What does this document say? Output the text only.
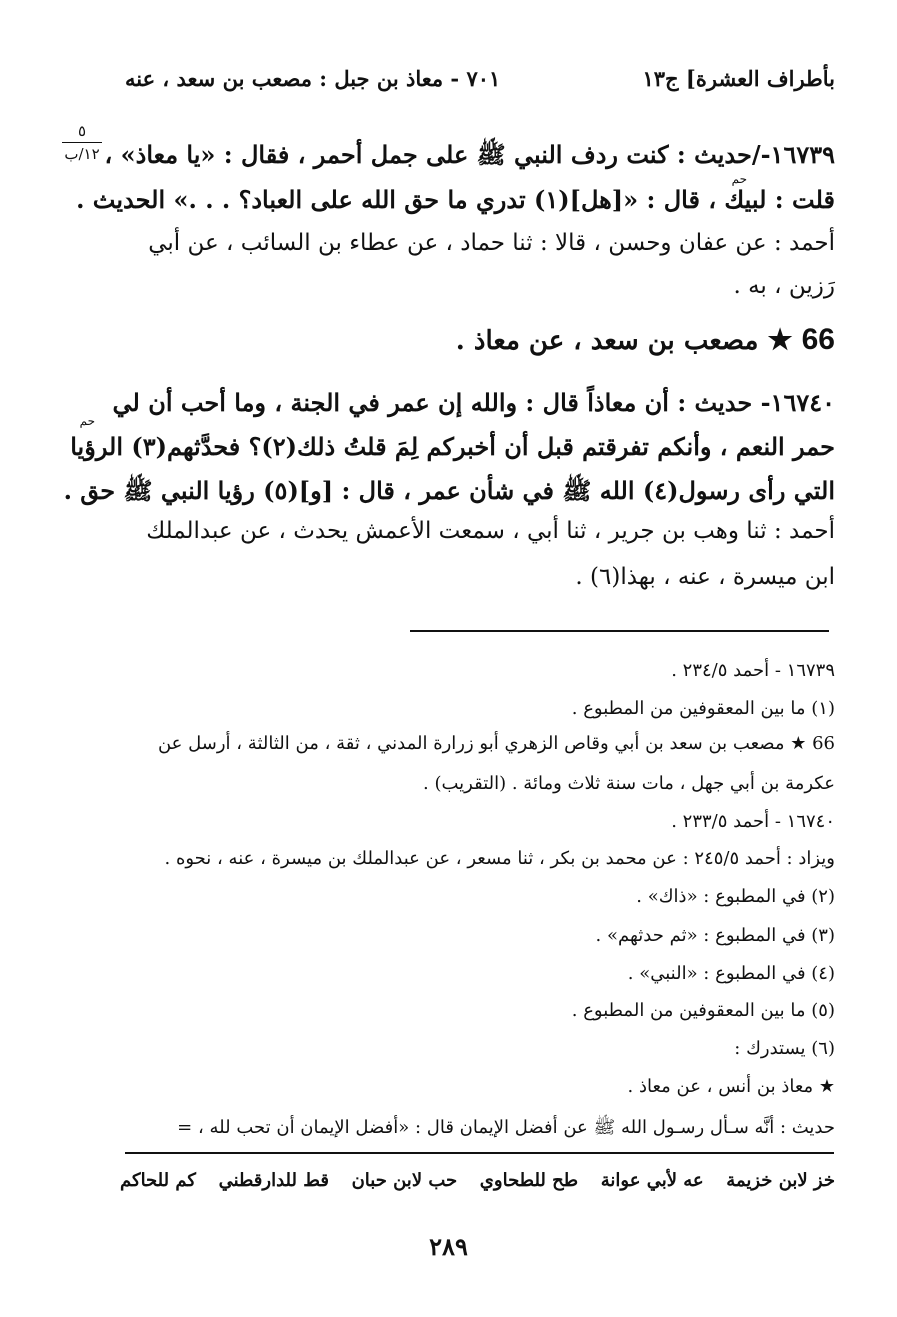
بأطراف العشرة] ج١٣
٧٠١ - معاذ بن جبل : مصعب بن سعد ، عنه
٥
١٢/ب ١٦٧٣٩-/حديث : كنت ردف النبي ﷺ على جمل أحمر ، فقال : «يا معاذ» ،
حم
قلت : لبيك ، قال : «[هل](١) تدري ما حق الله على العباد؟ . . .» الحديث .
أحمد : عن عفان وحسن ، قالا : ثنا حماد ، عن عطاء بن السائب ، عن أبي
رَزين ، به .
66 ★ مصعب بن سعد ، عن معاذ .
١٦٧٤٠- حديث : أن معاذاً قال : والله إن عمر في الجنة ، وما أحب أن لي
حم
حمر النعم ، وأنكم تفرقتم قبل أن أخبركم لِمَ قلتُ ذلك(٢)؟ فحدَّثهم(٣) الرؤيا
التي رأى رسول(٤) الله ﷺ في شأن عمر ، قال : [و](٥) رؤيا النبي ﷺ حق .
أحمد : ثنا وهب بن جرير ، ثنا أبي ، سمعت الأعمش يحدث ، عن عبدالملك
ابن ميسرة ، عنه ، بهذا(٦) .
١٦٧٣٩ - أحمد ٢٣٤/٥ .
(١) ما بين المعقوفين من المطبوع .
66 ★ مصعب بن سعد بن أبي وقاص الزهري أبو زرارة المدني ، ثقة ، من الثالثة ، أرسل عن
عكرمة بن أبي جهل ، مات سنة ثلاث ومائة . (التقريب) .
١٦٧٤٠ - أحمد ٢٣٣/٥ .
ويزاد : أحمد ٢٤٥/٥ : عن محمد بن بكر ، ثنا مسعر ، عن عبدالملك بن ميسرة ، عنه ، نحوه .
(٢) في المطبوع : «ذاك» .
(٣) في المطبوع : «ثم حدثهم» .
(٤) في المطبوع : «النبي» .
(٥) ما بين المعقوفين من المطبوع .
(٦) يستدرك :
★ معاذ بن أنس ، عن معاذ .
حديث : أنَّه سـأل رسـول الله ﷺ عن أفضل الإيمان قال : «أفضل الإيمان أن تحب لله ، =
خز لابن خزيمة
عه لأبي عوانة
طح للطحاوي
حب لابن حبان
قط للدارقطني
كم للحاكم
٢٨٩
